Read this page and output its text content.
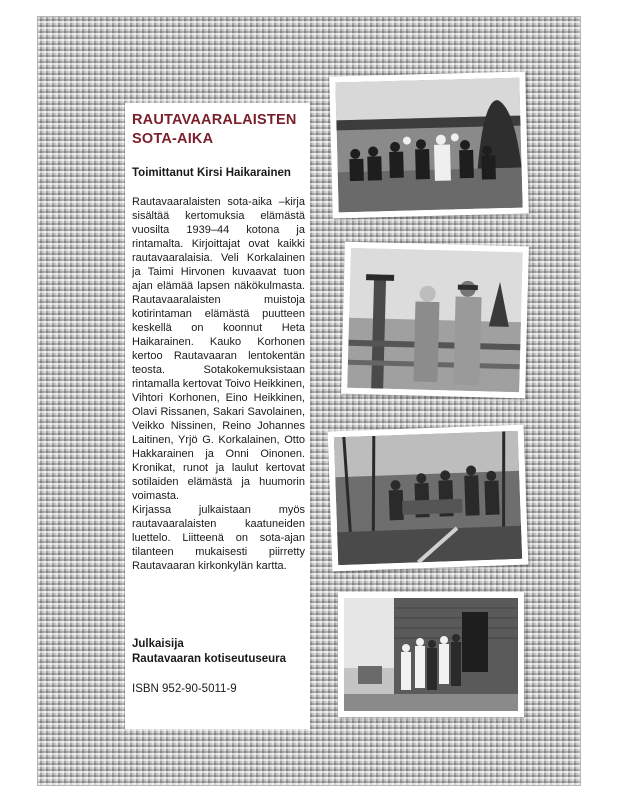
RAUTAVAARALAISTEN
SOTA-AIKA

Toimittanut Kirsi Haikarainen

Rautavaaralaisten sota-aika –kirja sisältää kertomuksia elämästä vuosilta 1939–44 kotona ja rintamalta. Kirjoittajat ovat kaikki rautavaaralaisia. Veli Korkalainen ja Taimi Hirvonen kuvaavat tuon ajan elämää lapsen näkökulmasta. Rautavaaralaisten muistoja kotirintaman elämästä puutteen keskellä on koonnut Heta Haikarainen. Kauko Korhonen kertoo Rautavaaran lentokentän teosta. Sotakokemuksistaan rintamalla kertovat Toivo Heikkinen, Vihtori Korhonen, Eino Heikkinen, Olavi Rissanen, Sakari Savolainen, Veikko Nissinen, Reino Johannes Laitinen, Yrjö G. Korkalainen, Otto Hakkarainen ja Onni Oinonen. Kronikat, runot ja laulut kertovat sotilaiden elämästä ja huumorin voimasta.

Kirjassa julkaistaan myös rautavaaralaisten kaatuneiden luettelo. Liitteenä on sota-ajan tilanteen mukaisesti piirretty Rautavaaran kirkonkylän kartta.

Julkaisija
Rautavaaran kotiseutuseura
ISBN 952-90-5011-9
